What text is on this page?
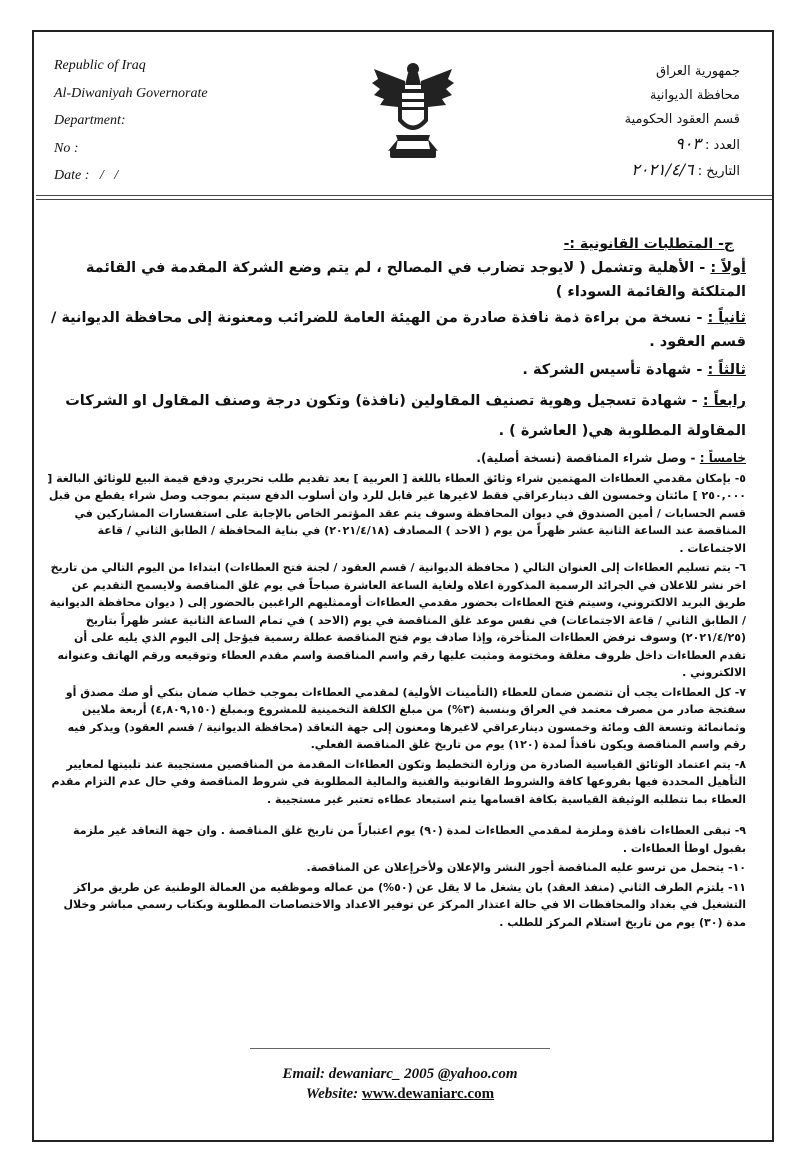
Republic of Iraq
Al-Diwaniyah Governorate
Department:
No :
Date :   /   /
جمهورية العراق
محافظة الديوانية
قسم العقود الحكومية
العدد : ٩٠٣
التاريخ : ٢٠٢١/٤/٦
ج- المتطلبات القانونية :-
أولاً : - الأهلية وتشمل ( لايوجد تضارب في المصالح ، لم يتم وضع الشركة المقدمة في القائمة المتلكئة والقائمة السوداء )
ثانياً : - نسخة من براءة ذمة نافذة صادرة من الهيئة العامة للضرائب ومعنونة إلى محافظة الديوانية / قسم العقود .
ثالثاً : - شهادة تأسيس الشركة .
رابعاً : - شهادة تسجيل وهوية تصنيف المقاولين (نافذة) وتكون درجة وصنف المقاول او الشركات المقاولة المطلوبة هي( العاشرة ) .
خامساً : - وصل شراء المناقصة (نسخة أصلية).
٥- بإمكان مقدمي العطاءات المهتمين شراء وثائق العطاء باللغة [ العربية ] بعد تقديم طلب تحريري ودفع قيمة البيع للوثائق البالغة [ ٢٥٠,٠٠٠ ] مائتان وخمسون الف دينارعراقي فقط لاغيرها غير قابل للرد وان أسلوب الدفع سيتم بموجب وصل شراء يقطع من قبل قسم الحسابات / أمين الصندوق في ديوان المحافظة وسوف يتم عقد المؤتمر الخاص بالإجابة على استفسارات المشاركين في المناقصة عند الساعة الثانية عشر ظهراً من يوم ( الاحد ) المصادف (٢٠٢١/٤/١٨) في بناية المحافظة / الطابق الثاني / قاعة الاجتماعات .
٦- يتم تسليم العطاءات إلى العنوان التالي ( محافظة الديوانية / قسم العقود / لجنة فتح العطاءات) ابتداءا من اليوم التالي من تاريخ اخر نشر للاعلان في الجرائد الرسمية المذكورة اعلاه ولغاية الساعة العاشرة صباحاً في يوم غلق المناقصة ولايسمح التقديم عن طريق البريد الالكتروني، وسيتم فتح العطاءات بحضور مقدمي العطاءات أوممثليهم الراغبين بالحضور إلى ( ديوان محافظة الديوانية / الطابق الثاني / قاعة الاجتماعات) في نفس موعد غلق المناقصة في يوم (الاحد ) في تمام الساعة الثانية عشر ظهراً بتاريخ (٢٠٢١/٤/٢٥) وسوف ترفض العطاءات المتأخرة، وإذا صادف يوم فتح المناقصة عطلة رسمية فيؤجل إلى اليوم الذي يليه على أن تقدم العطاءات داخل ظروف مغلقة ومختومة ومثبت عليها رقم واسم المناقصة واسم مقدم العطاء وتوقيعه ورقم الهاتف وعنوانه الالكتروني .
٧- كل العطاءات يجب أن تتضمن ضمان للعطاء (التأمينات الأولية) لمقدمي العطاءات بموجب خطاب ضمان بنكي أو صك مصدق أو سفتجة صادر من مصرف معتمد في العراق وبنسبة (٣%) من مبلغ الكلفة التخمينية للمشروع وبمبلغ (٤,٨٠٩,١٥٠) أربعة ملايين وثمانمائة وتسعة الف ومائة وخمسون دينارعراقي لاغيرها ومعنون إلى جهة التعاقد (محافظة الديوانية / قسم العقود) ويذكر فيه رقم واسم المناقصة ويكون نافذاً لمدة (١٢٠) يوم من تاريخ غلق المناقصة الفعلي.
٨- يتم اعتماد الوثائق القياسية الصادرة من وزارة التخطيط وتكون العطاءات المقدمة من المناقصين مستجيبة عند تلبيتها لمعايير التأهيل المحددة فيها بفروعها كافة والشروط القانونية والفنية والمالية المطلوبة في شروط المناقصة وفي حال عدم التزام مقدم العطاء بما تتطلبه الوثيقة القياسية بكافة اقسامها يتم استبعاد عطاءه تعتبر غير مستجيبة .
٩- تبقى العطاءات نافذة وملزمة لمقدمي العطاءات لمدة (٩٠) يوم اعتباراً من تاريخ غلق المناقصة . وان جهة التعاقد غير ملزمة بقبول اوطأ العطاءات .
١٠- يتحمل من ترسو عليه المناقصة أجور النشر والإعلان ولأخرإعلان عن المناقصة.
١١- يلتزم الطرف الثاني (منفذ العقد) بان يشغل ما لا يقل عن (٥٠%) من عماله وموظفيه من العمالة الوطنية عن طريق مراكز التشغيل في بغداد والمحافظات الا في حالة اعتذار المركز عن توفير الاعداد والاختصاصات المطلوبة وبكتاب رسمي مباشر وخلال مدة (٣٠) يوم من تاريخ استلام المركز للطلب .
Email: dewaniarc_ 2005 @yahoo.com
Website: www.dewaniarc.com
